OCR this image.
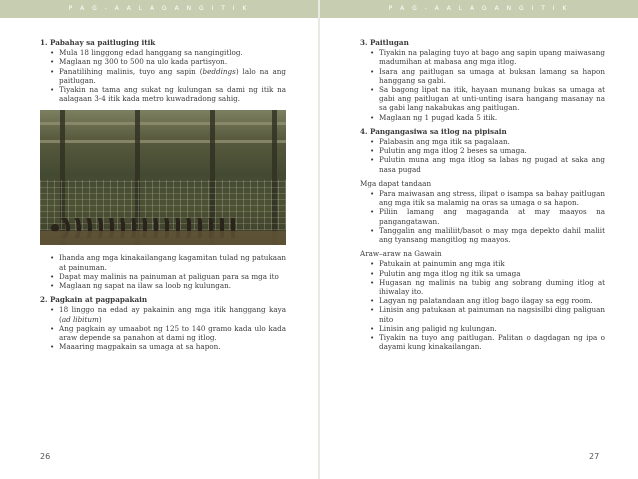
P A G - A A L A G A N G I T I K	P A G - A A L A G A N G I T I K
1. Pabahay sa paitluging itik
• Mula 18 linggong edad hanggang sa nangingitlog.
• Maglaan ng 300 to 500 na ulo kada partisyon.
• Panatilihing malinis, tuyo ang sapin (beddings) lalo na ang paitlugan.
• Tiyakin na tama ang sukat ng kulungan sa dami ng itik na aalagaan 3-4 itik kada metro kuwadradong sahig.
• Ihanda ang mga kinakailangang kagamitan tulad ng patukaan at painuman.
• Dapat may malinis na painuman at paliguan para sa mga ito
• Maglaan ng sapat na ilaw sa loob ng kulungan.
2. Pagkain at pagpapakain
• 18 linggo na edad ay pakainin ang mga itik hanggang kaya (ad libitum)
• Ang pagkain ay umaabot ng 125 to 140 gramo kada ulo kada araw depende sa panahon at dami ng itlog.
• Maaaring magpakain sa umaga at sa hapon.
26
3. Paitlugan
• Tiyakin na palaging tuyo at bago ang sapin upang maiwasang madumihan at mabasa ang mga itlog.
• Isara ang paitlugan sa umaga at buksan lamang sa hapon hanggang sa gabi.
• Sa bagong lipat na itik, hayaan munang bukas sa umaga at gabi ang paitlugan at unti-unting isara hangang masanay na sa gabi lang nakabukas ang paitlugan.
• Maglaan ng 1 pugad kada 5 itik.
4. Pangangasiwa sa itlog na pipisain
• Palabasin ang mga itik sa pagalaan.
• Pulutin ang mga itlog 2 beses sa umaga.
• Pulutin muna ang mga itlog sa labas ng pugad at saka ang nasa pugad
Mga dapat tandaan
• Para maiwasan ang stress, ilipat o isampa sa bahay paitlugan ang mga itik sa malamig na oras sa umaga o sa hapon.
• Piliin lamang ang magaganda at may maayos na pangangatawan.
• Tanggalin ang maliliit/basot o may mga depekto dahil maliit ang tyansang mangitlog ng maayos.
Araw–araw na Gawain
• Patukain at painumin ang mga itik
• Pulutin ang mga itlog ng itik sa umaga
• Hugasan ng malinis na tubig ang sobrang duming itlog at ihiwalay ito.
• Lagyan ng palatandaan ang itlog bago ilagay sa egg room.
• Linisin ang patukaan at painuman na nagsisilbi ding paliguan nito
• Linisin ang paligid ng kulungan.
• Tiyakin na tuyo ang paitlugan. Palitan o dagdagan ng ipa o dayami kung kinakailangan.
27
